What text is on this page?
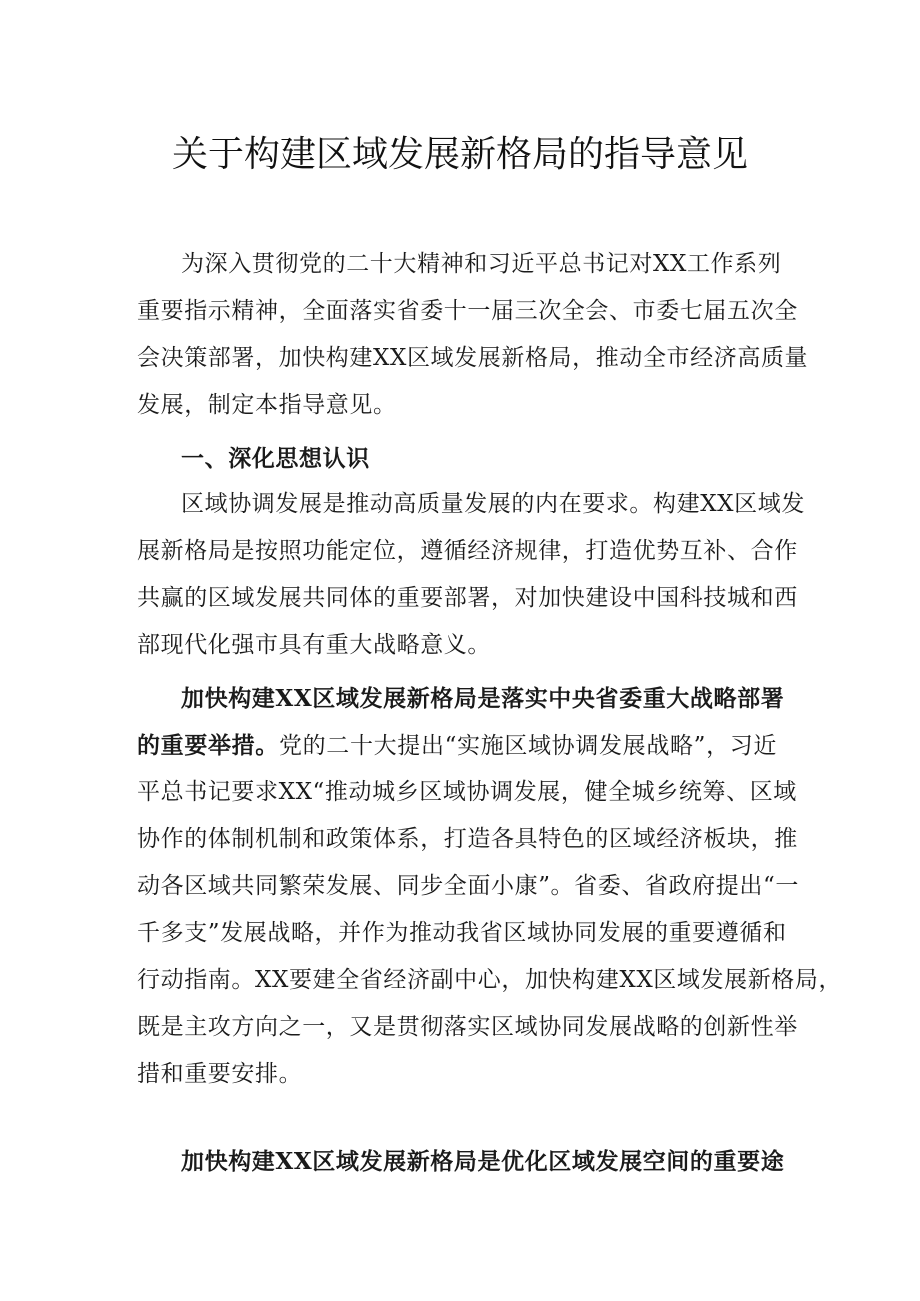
关于构建区域发展新格局的指导意见
为深入贯彻党的二十大精神和习近平总书记对XX工作系列
重要指示精神，全面落实省委十一届三次全会、市委七届五次全
会决策部署，加快构建XX区域发展新格局，推动全市经济高质量
发展，制定本指导意见。
一、深化思想认识
区域协调发展是推动高质量发展的内在要求。构建XX区域发
展新格局是按照功能定位，遵循经济规律，打造优势互补、合作
共赢的区域发展共同体的重要部署，对加快建设中国科技城和西
部现代化强市具有重大战略意义。
加快构建XX区域发展新格局是落实中央省委重大战略部署
的重要举措。党的二十大提出“实施区域协调发展战略”，习近
平总书记要求XX“推动城乡区域协调发展，健全城乡统筹、区域
协作的体制机制和政策体系，打造各具特色的区域经济板块，推
动各区域共同繁荣发展、同步全面小康”。省委、省政府提出“一
千多支”发展战略，并作为推动我省区域协同发展的重要遵循和
行动指南。XX要建全省经济副中心，加快构建XX区域发展新格局，
既是主攻方向之一，又是贯彻落实区域协同发展战略的创新性举
措和重要安排。
加快构建XX区域发展新格局是优化区域发展空间的重要途
